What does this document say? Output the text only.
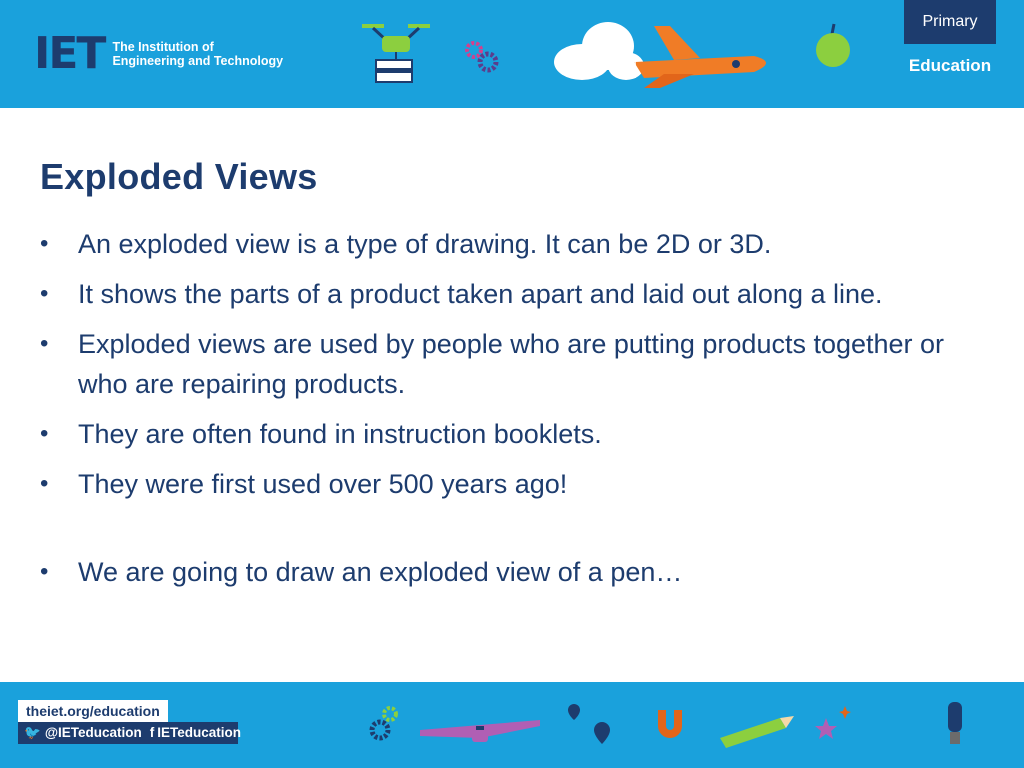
IET The Institution of
Engineering and Technology
Primary
Education
Exploded Views
• An exploded view is a type of drawing. It can be 2D or 3D.
• It shows the parts of a product taken apart and laid out along a line.
• Exploded views are used by people who are putting products together or who are repairing products.
• They are often found in instruction booklets.
• They were first used over 500 years ago!
• We are going to draw an exploded view of a pen…
theiet.org/education
🐦 @IETeducation f IETeducation
